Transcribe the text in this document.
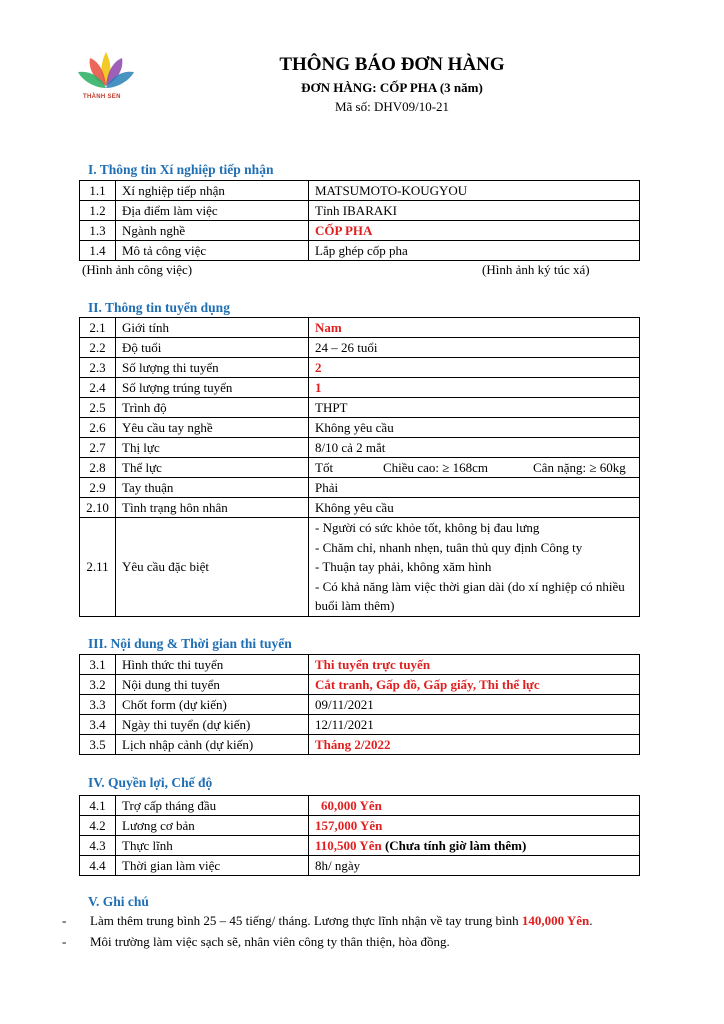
THÀNH SEN
THÔNG BÁO ĐƠN HÀNG
ĐƠN HÀNG: CỐP PHA (3 năm)
Mã số: DHV09/10-21
I. Thông tin Xí nghiệp tiếp nhận
1.1	Xí nghiệp tiếp nhận	MATSUMOTO-KOUGYOU
1.2	Địa điểm làm việc	Tỉnh IBARAKI
1.3	Ngành nghề	CỐP PHA
1.4	Mô tả công việc	Lắp ghép cốp pha
(Hình ảnh công việc)	(Hình ảnh ký túc xá)
II. Thông tin tuyển dụng
2.1	Giới tính	Nam
2.2	Độ tuổi	24 – 26 tuổi
2.3	Số lượng thi tuyển	2
2.4	Số lượng trúng tuyển	1
2.5	Trình độ	THPT
2.6	Yêu cầu tay nghề	Không yêu cầu
2.7	Thị lực	8/10 cả 2 mắt
2.8	Thể lực	Tốt Chiều cao: ≥ 168cm Cân nặng: ≥ 60kg
2.9	Tay thuận	Phải
2.10	Tình trạng hôn nhân	Không yêu cầu
2.11	Yêu cầu đặc biệt	- Người có sức khỏe tốt, không bị đau lưng
- Chăm chỉ, nhanh nhẹn, tuân thủ quy định Công ty
- Thuận tay phải, không xăm hình
- Có khả năng làm việc thời gian dài (do xí nghiệp có nhiều buổi làm thêm)
III. Nội dung & Thời gian thi tuyển
3.1	Hình thức thi tuyển	Thi tuyển trực tuyến
3.2	Nội dung thi tuyển	Cắt tranh, Gấp đồ, Gấp giấy, Thi thể lực
3.3	Chốt form (dự kiến)	09/11/2021
3.4	Ngày thi tuyển (dự kiến)	12/11/2021
3.5	Lịch nhập cảnh (dự kiến)	Tháng 2/2022
IV. Quyền lợi, Chế độ
4.1	Trợ cấp tháng đầu	60,000 Yên
4.2	Lương cơ bản	157,000 Yên
4.3	Thực lĩnh	110,500 Yên (Chưa tính giờ làm thêm)
4.4	Thời gian làm việc	8h/ ngày
V. Ghi chú
-	Làm thêm trung bình 25 – 45 tiếng/ tháng. Lương thực lĩnh nhận về tay trung bình 140,000 Yên.
-	Môi trường làm việc sạch sẽ, nhân viên công ty thân thiện, hòa đồng.
